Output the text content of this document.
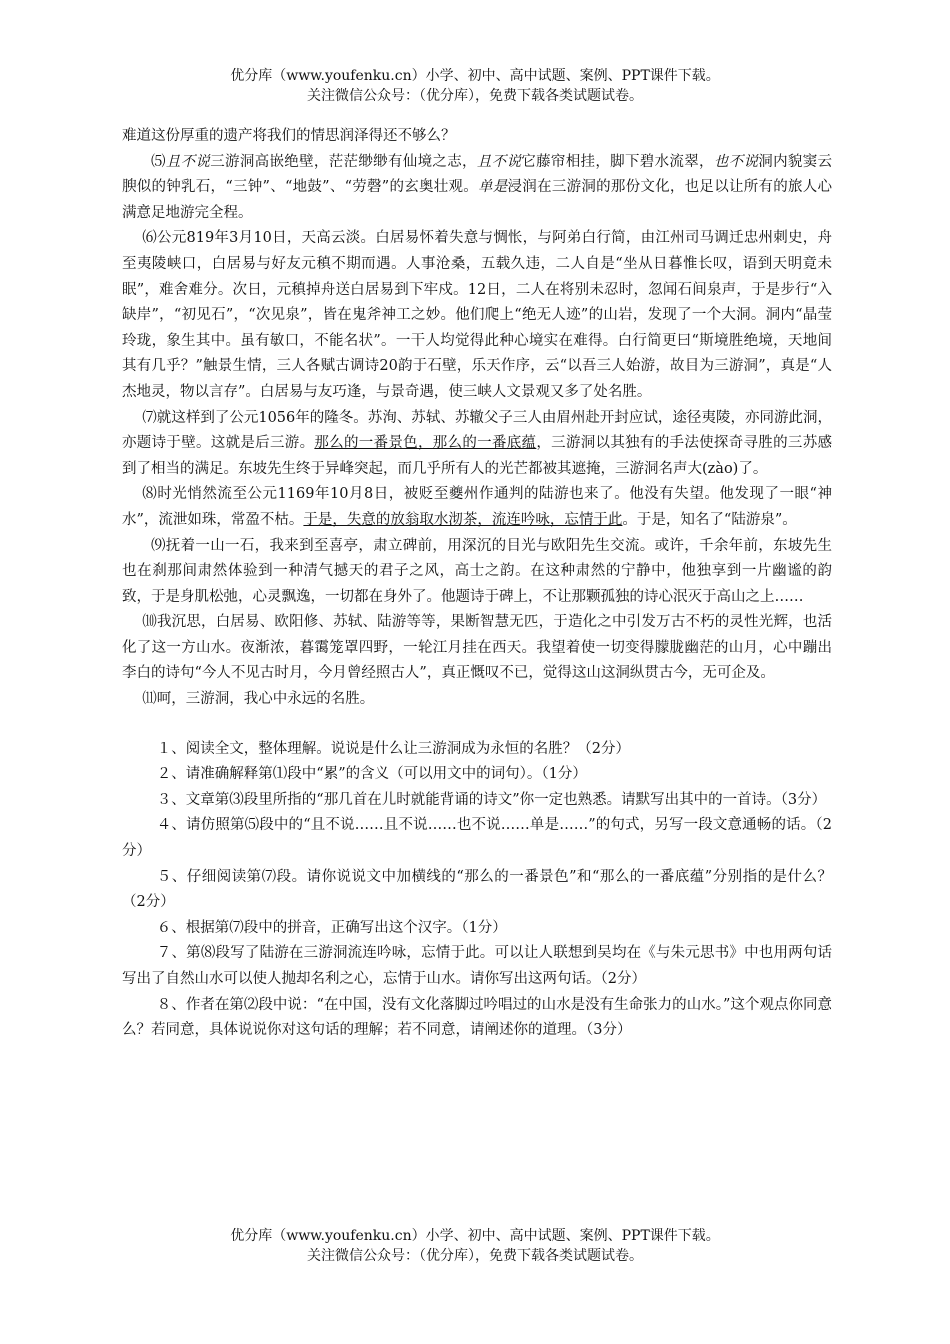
优分库（www.youfenku.cn）小学、初中、高中试题、案例、PPT课件下载。
关注微信公众号：（优分库），免费下载各类试题试卷。

难道这份厚重的遗产将我们的情思润泽得还不够么？

⑸且不说三游洞高嵌绝壁，茫茫缈缈有仙境之志，且不说它藤帘相挂，脚下碧水流翠，也不说洞内貌窦云腴似的钟乳石，“三钟”、“地鼓”、“劳磬”的玄奥壮观。单是浸润在三游洞的那份文化，也足以让所有的旅人心满意足地游完全程。

⑹公元819年3月10日，天高云淡。白居易怀着失意与惆怅，与阿弟白行简，由江州司马调迁忠州刺史，舟至夷陵峡口，白居易与好友元稹不期而遇。人事沧桑，五载久违，二人自是“坐从日暮惟长叹，语到天明竟未眠”，难舍难分。次日，元稹掉舟送白居易到下牢戍。12日，二人在将别未忍时，忽闻石间泉声，于是步行“入缺岸”，“初见石”，“次见泉”，皆在鬼斧神工之妙。他们爬上“绝无人迹”的山岩，发现了一个大洞。洞内“晶莹玲珑，象生其中。虽有敏口，不能名状”。一干人均觉得此种心境实在难得。白行简更曰“斯境胜绝境，天地间其有几乎？”触景生情，三人各赋古调诗20韵于石壁，乐天作序，云“以吾三人始游，故目为三游洞”，真是“人杰地灵，物以言存”。白居易与友巧逢，与景奇遇，使三峡人文景观又多了处名胜。

⑺就这样到了公元1056年的隆冬。苏洵、苏轼、苏辙父子三人由眉州赴开封应试，途径夷陵，亦同游此洞，亦题诗于壁。这就是后三游。那么的一番景色，那么的一番底蕴，三游洞以其独有的手法使探奇寻胜的三苏感到了相当的满足。东坡先生终于异峰突起，而几乎所有人的光芒都被其遮掩，三游洞名声大(zào)了。

⑻时光悄然流至公元1169年10月8日，被贬至夔州作通判的陆游也来了。他没有失望。他发现了一眼“神水”，流泄如珠，常盈不枯。于是，失意的放翁取水沏茶，流连吟咏，忘情于此。于是，知名了“陆游泉”。

⑼抚着一山一石，我来到至喜亭，肃立碑前，用深沉的目光与欧阳先生交流。或许，千余年前，东坡先生也在刹那间肃然体验到一种清气撼天的君子之风，高士之韵。在这种肃然的宁静中，他独享到一片幽谧的韵致，于是身肌松弛，心灵飘逸，一切都在身外了。他题诗于碑上，不让那颗孤独的诗心泯灭于高山之上……

⑽我沉思，白居易、欧阳修、苏轼、陆游等等，果断智慧无匹，于造化之中引发万古不朽的灵性光辉，也活化了这一方山水。夜渐浓，暮霭笼罩四野，一轮江月挂在西天。我望着使一切变得朦胧幽茫的山月，心中蹦出李白的诗句“今人不见古时月，今月曾经照古人”，真正慨叹不已，觉得这山这洞纵贯古今，无可企及。

⑾呵，三游洞，我心中永远的名胜。

１、阅读全文，整体理解。说说是什么让三游洞成为永恒的名胜？（2分）

２、请准确解释第⑴段中“累”的含义（可以用文中的词句）。（1分）

３、文章第⑶段里所指的“那几首在儿时就能背诵的诗文”你一定也熟悉。请默写出其中的一首诗。（3分）

４、请仿照第⑸段中的“且不说……且不说……也不说……单是……”的句式，另写一段文意通畅的话。（2分）

５、仔细阅读第⑺段。请你说说文中加横线的“那么的一番景色”和“那么的一番底蕴”分别指的是什么？（2分）

６、根据第⑺段中的拼音，正确写出这个汉字。（1分）

７、第⑻段写了陆游在三游洞流连吟咏，忘情于此。可以让人联想到吴均在《与朱元思书》中也用两句话写出了自然山水可以使人抛却名利之心，忘情于山水。请你写出这两句话。（2分）

８、作者在第⑵段中说：“在中国，没有文化落脚过吟唱过的山水是没有生命张力的山水。”这个观点你同意么？若同意，具体说说你对这句话的理解；若不同意，请阐述你的道理。（3分）

优分库（www.youfenku.cn）小学、初中、高中试题、案例、PPT课件下载。
关注微信公众号：（优分库），免费下载各类试题试卷。
